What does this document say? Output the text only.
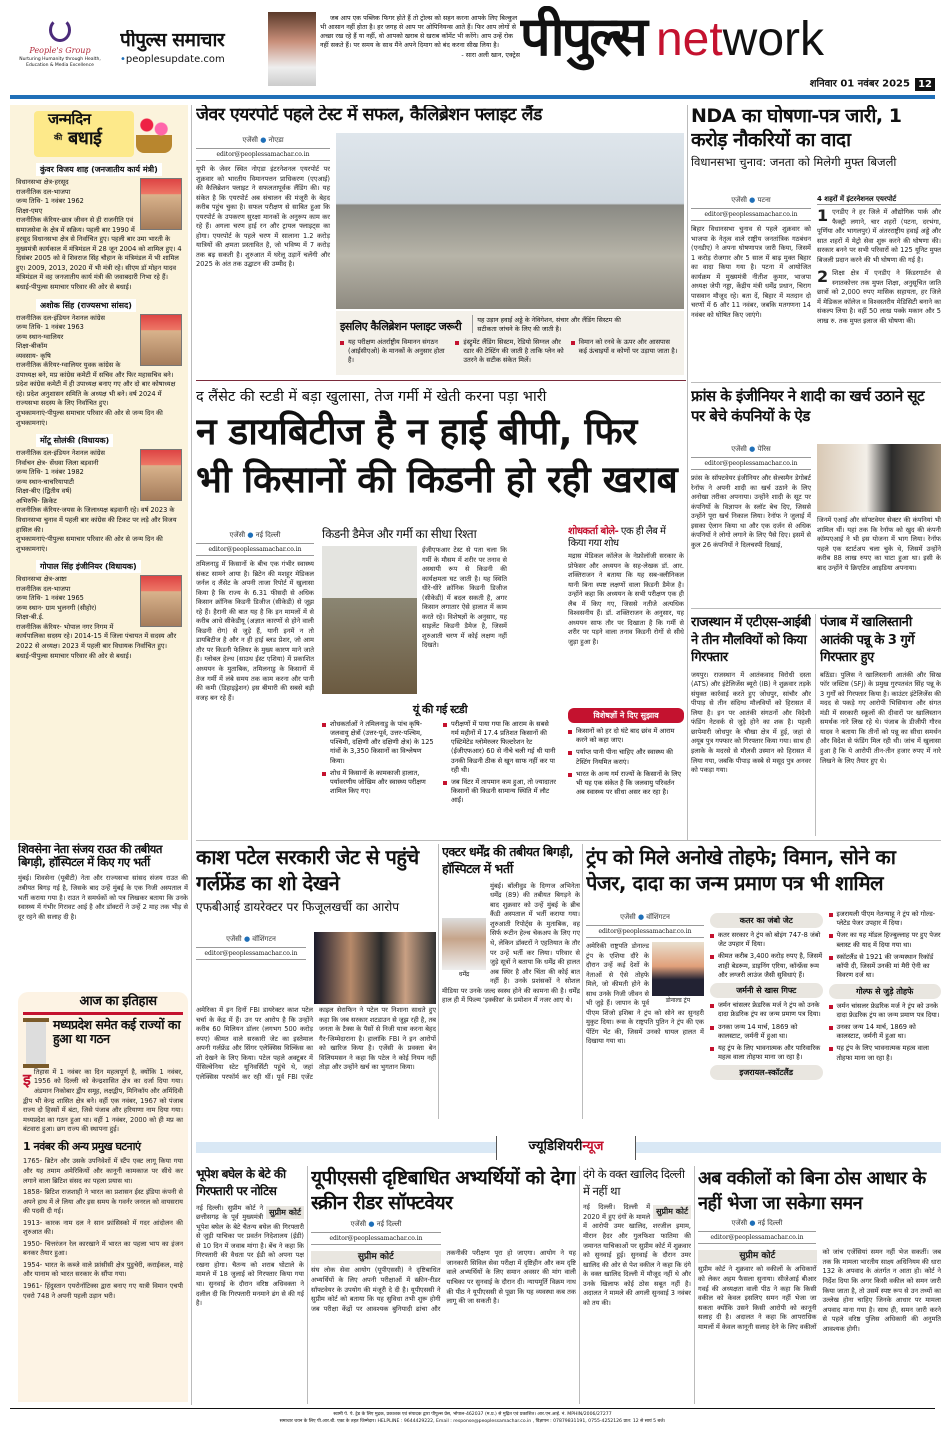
People's Group
Nurturing Humanity through Health, Education & Media Excellence
पीपुल्स समाचार
•peoplesupdate.com
जब आप एक पब्लिक फिगर होते हैं तो ट्रोल्स को सहन करना आपके लिए बिल्कुल भी आसान नहीं होता है। हर जगह से आप पर ओपिनियन्स आते हैं। फिर आप लोगों से अच्छा रख रहे हैं या नहीं, वो आपको खराब से खराब कॉमेंट भी करेंगे। आप उन्हें रोक नहीं सकते हैं। पर समय के साथ मैंने अपने दिमाग को बंद करना सीख लिया है।
- सारा अली खान, एक्ट्रेस पीपुल्स network
शनिवार 01 नवंबर 2025 12
जन्मदिन
की बधाई
कुंवर विजय शाह (जनजातीय कार्य मंत्री)
विधानसभा क्षेत्र-हरसूद
राजनीतिक दल-भाजपा
जन्म तिथि- 1 नवंबर 1962
शिक्षा-एमए
राजनीतिक कॅरियर-छात्र जीवन से ही राजनीति एवं समाजसेवा के क्षेत्र में सक्रिय। पहली बार 1990 में हरसूद विधानसभा क्षेत्र से निर्वाचित हुए। पहली बार उमा भारती के मुख्यमंत्री कार्यकाल में मंत्रिमंडल में 28 जून 2004 को शामिल हुए। 4 दिसंबर 2005 को वे शिवराज सिंह चौहान के मंत्रिमंडल में भी शामिल हुए। 2009, 2013, 2020 में भी मंत्री रहे। सीएम डॉ मोहन यादव मंत्रिमंडल में वह जनजातीय कार्य मंत्री की जवाबदारी निभा रहे हैं।
बधाई-पीपुल्स समाचार परिवार की ओर से बधाई।
अशोक सिंह (राज्यसभा सांसद)
राजनीतिक दल-इंडियन नेशनल कांग्रेस
जन्म तिथि- 1 नवंबर 1963
जन्म स्थान-ग्वालियर
शिक्षा-बीकॉम
व्यवसाय- कृषि
राजनीतिक कॅरियर-ग्वालियर युवक कांग्रेस के उपाध्यक्ष बने, मप्र कांग्रेस कमेटी में सचिव और फिर महासचिव बने। प्रदेश कांग्रेस कमेटी में ही उपाध्यक्ष बनाए गए और दो बार कोषाध्यक्ष रहे। प्रदेश अनुशासन समिति के अध्यक्ष भी बने। वर्ष 2024 में राज्यसभा सदस्य के लिए निर्वाचित हुए।
शुभकामनाएं-पीपुल्स समाचार परिवार की ओर से जन्म दिन की शुभकामनाएं।
मोंटू सोलंकी (विधायक)
राजनीतिक दल-इंडियन नेशनल कांग्रेस
निर्वाचन क्षेत्र- सेंधवा जिला बड़वानी
जन्म तिथि- 1 नवंबर 1982
जन्म स्थान-चाचरियापाटी
शिक्षा-बीए (द्वितीय वर्ष)
अभिरुचि- क्रिकेट
राजनीतिक कॅरियर-जयस के जिलाध्यक्ष बड़वानी रहे। वर्ष 2023 के विधानसभा चुनाव में पहली बार कांग्रेस की टिकट पर लड़े और विजय हासिल की।
शुभकामनाएं-पीपुल्स समाचार परिवार की ओर से जन्म दिन की शुभकामनाएं।
गोपाल सिंह इंजीनियर (विधायक)
विधानसभा क्षेत्र-आष्टा
राजनीतिक दल-भाजपा
जन्म तिथि- 1 नवंबर 1965
जन्म स्थान- ग्राम भुलनगी (सीहोर)
शिक्षा-बी.ई.
राजनीतिक कॅरियर- भोपाल नगर निगम में कार्यपालिका सदस्य रहे। 2014-15 में जिला पंचायत में सदस्य और 2022 से अध्यक्ष। 2023 में पहली बार विधायक निर्वाचित हुए।
बधाई-पीपुल्स समाचार परिवार की ओर से बधाई।
शिवसेना नेता संजय राउत की तबीयत बिगड़ी, हॉस्पिटल में किए गए भर्ती
मुंबई। शिवसेना (यूबीटी) नेता और राज्यसभा सांसद संजय राउत की तबीयत बिगड़ गई है, जिसके बाद उन्हें मुंबई के एक निजी अस्पताल में भर्ती कराया गया है। राउत ने समर्थकों को पत्र लिखकर बताया कि उनके स्वास्थ्य में गंभीर गिरावट आई है और डॉक्टरों ने उन्हें 2 माह तक भीड़ से दूर रहने की सलाह दी है।
आज का इतिहास
मध्यप्रदेश समेत कई राज्यों का हुआ था गठन
इतिहास में 1 नवंबर का दिन महत्वपूर्ण है, क्योंकि 1 नवंबर, 1956 को दिल्ली को केन्द्रशासित क्षेत्र का दर्जा दिया गया। अंडमान निकोबार द्वीप समूह, लक्षद्वीप, मिनिकॉय और अमिंदिवी द्वीप भी केन्द्र शासित क्षेत्र बने। वहीं एक नवंबर, 1967 को पंजाब राज्य दो हिस्सों में बंटा, जिसे पंजाब और हरियाणा नाम दिया गया। मध्यप्रदेश का गठन हुआ था। वहीं 1 नवंबर, 2000 को ही मप्र का बंटवारा हुआ। छग राज्य की स्थापना हुई।
1 नवंबर की अन्य प्रमुख घटनाएं
1765- ब्रिटेन और उसके उपनिवेशों में स्टैंप एक्ट लागू किया गया और यह तमाम अमेरिकियों और कानूनी कामकाज पर सीधे कर लगाने वाला ब्रिटिश संसद का पहला प्रयास था।
1858- ब्रिटिश राजशाही ने भारत का प्रशासन ईस्ट इंडिया कंपनी से अपने हाथ में ले लिया और इस समय के गवर्नर जनरल को वायसराय की पदवी दी गई।
1913- कारक नाम दल ने सान फ्रांसिस्को में गदर आंदोलन की शुरुआत की।
1950- चित्तरंजन रेल कारखाने में भारत का पहला भाप का इंजन बनकर तैयार हुआ।
1954- भारत के कब्जे वाले फ्रांसीसी क्षेत्र पुडुचेरी, कराईकल, माहे और यानाम को भारत सरकार के सौंपा गया।
1961- हिंदुस्तान एयरोनॉटिक्स द्वारा बनाए गए यात्री विमान एचपी एवरो 748 ने अपनी पहली उड़ान भरी।
जेवर एयरपोर्ट पहले टेस्ट में सफल, कैलिब्रेशन फ्लाइट लैंड
एजेंसी ● नोएडा
editor@peoplessamachar.co.in
यूपी के जेवर स्थित नोएडा इंटरनेशनल एयरपोर्ट पर शुक्रवार को भारतीय विमानपत्तन प्राधिकरण (एएआई) की कैलिब्रेशन फ्लाइट ने सफलतापूर्वक लैंडिंग की। यह संकेत है कि एयरपोर्ट अब संचालन की मंजूरी के बेहद करीब पहुंच चुका है। सफल परीक्षण से साबित हुआ कि एयरपोर्ट के उपकरण सुरक्षा मानकों के अनुरूप काम कर रहे हैं। अगला चरण हाई रन और ट्रायल फ्लाइट्स का होगा। एयरपोर्ट के पहले चरण में सालाना 1.2 करोड़ यात्रियों की क्षमता प्रस्तावित है, जो भविष्य में 7 करोड़ तक बढ़ सकती है। शुरुआत में घरेलू उड़ानें चलेंगी और 2025 के अंत तक उद्घाटन की उम्मीद है।
इसलिए कैलिब्रेशन फ्लाइट जरूरी	यह उड़ान हवाई अड्डे के नेविगेशन, संचार और लैंडिंग सिस्टम की सटीकता जांचने के लिए की जाती है।
यह परीक्षण अंतर्राष्ट्रीय विमानन संगठन (आईसीएओ) के मानकों के अनुसार होता है।
इंस्ट्रूमेंट लैंडिंग सिस्टम, रेडियो सिग्नल और रडार की टेस्टिंग की जाती है ताकि प्लेन को उतरने के सटीक संकेत मिलें।
विमान को रनवे के ऊपर और आसपास कई ऊंचाइयों व कोणों पर उड़ाया जाता है।
NDA का घोषणा-पत्र जारी, 1 करोड़ नौकरियों का वादा
विधानसभा चुनाव: जनता को मिलेगी मुफ्त बिजली
एजेंसी ● पटना
editor@peoplessamachar.co.in
बिहार विधानसभा चुनाव से पहले शुक्रवार को भाजपा के नेतृत्व वाले राष्ट्रीय जनतांत्रिक गठबंधन (एनडीए) ने अपना घोषणापत्र जारी किया, जिसमें 1 करोड़ रोजगार और 5 साल में बाढ़ मुक्त बिहार का वादा किया गया है। पटना में आयोजित कार्यक्रम में मुख्यमंत्री नीतीश कुमार, भाजपा अध्यक्ष जेपी नड्डा, केंद्रीय मंत्री धर्मेंद्र प्रधान, चिराग पासवान मौजूद रहे। बता दें, बिहार में मतदान दो चरणों में 6 और 11 नवंबर, जबकि मतगणना 14 नवंबर को घोषित किए जाएंगे।
4 शहरों में इंटरनेशनल एयरपोर्ट
1 एनडीए ने हर जिले में औद्योगिक पार्क और फैक्ट्री लगाने, चार शहरों (पटना, दरभंगा, पूर्णिया और भागलपुर) में अंतरराष्ट्रीय हवाई अड्डे और सात शहरों में मेट्रो सेवा शुरू करने की घोषणा की। सरकार बनने पर सभी परिवारों को 125 यूनिट मुफ्त बिजली प्रदान करने की भी घोषणा की गई है।
2 शिक्षा क्षेत्र में एनडीए ने किंडरगार्टन से स्नातकोत्तर तक मुफ्त शिक्षा, अनुसूचित जाति छात्रों को 2,000 रुपए मासिक सहायता, हर जिले में मेडिकल कॉलेज व विश्वस्तरीय मेडिसिटी बनाने का संकल्प लिया है। वहीं 50 लाख पक्के मकान और 5 लाख रु. तक मुफ्त इलाज की घोषणा की।
द लैंसेट की स्टडी में बड़ा खुलासा, तेज गर्मी में खेती करना पड़ा भारी
न डायबिटीज है न हाई बीपी, फिर भी किसानों की किडनी हो रही खराब
एजेंसी ● नई दिल्ली
editor@peoplessamachar.co.in
तमिलनाडु में किसानों के बीच एक गंभीर स्वास्थ्य संकट सामने आया है। ब्रिटेन की मशहूर मेडिकल जर्नल द लैंसेट के अपनी ताजा रिपोर्ट में खुलासा किया है कि राज्य के 6.31 फीसदी से अधिक किसान क्रॉनिक किडनी डिजीज (सीकेडी) से जूझ रहे हैं। हैरानी की बात यह है कि इन मामलों में से करीब आधे सीकेडीयू (अज्ञात कारणों से होने वाली किडनी रोग) से जुड़े हैं, यानी इनमें न तो डायबिटीज है और न ही हाई ब्लड प्रेशर, जो आम तौर पर किडनी फेलियर के मुख्य कारण माने जाते हैं। ग्लोबल हेल्थ (साउथ ईस्ट एशिया) में प्रकाशित अध्ययन के मुताबिक, तमिलनाडु के किसानों में तेज गर्मी में लंबे समय तक काम करना और पानी की कमी (डिहाइड्रेशन) इस बीमारी की सबसे बड़ी वजह बन रहे हैं।
किडनी डैमेज और गर्मी का सीधा रिश्ता
ईजीएफआर टेस्ट से पता चला कि गर्मी के मौसम में शरीर पर तनाव से अस्थायी रूप से किडनी की कार्यक्षमता घट जाती है। यह स्थिति धीरे-धीरे क्रॉनिक किडनी डिजीज (सीकेडी) में बदल सकती है, अगर किसान लगातार ऐसे हालात में काम करते रहे। विशेषज्ञों के अनुसार, यह साइलेंट किडनी डैमेज है, जिसमें शुरुआती चरण में कोई लक्षण नहीं दिखते।
शोधकर्ता बोले- एक ही लैब में किया गया शोध
मद्रास मेडिकल कॉलेज के नेफ्रोलॉजी सरकार के प्रोफेसर और अध्ययन के सह-लेखक डॉ. आर. शक्तिराजन ने बताया कि यह सब-क्लीनिकल यानी बिना स्पष्ट लक्षणों वाला किडनी डैमेज है। उन्होंने कहा कि अध्ययन के सभी परीक्षण एक ही लैब में किए गए, जिससे नतीजे अत्यधिक विश्वसनीय हैं। डॉ. शक्तिराजन के अनुसार, यह अध्ययन साफ तौर पर दिखाता है कि गर्मी से शरीर पर पड़ने वाला तनाव किडनी रोगों से सीधे जुड़ा हुआ है।
यूं की गई स्टडी
शोधकर्ताओं ने तमिलनाडु के पांच कृषि-जलवायु क्षेत्रों (उत्तर-पूर्व, उत्तर-पश्चिम, पश्चिमी, दक्षिणी और दक्षिणी क्षेत्र) के 125 गांवों के 3,350 किसानों का विश्लेषण किया।
शोध में किसानों के कामकाजी हालात, पर्यावरणीय जोखिम और स्वास्थ्य परीक्षण शामिल किए गए।
परीक्षणों में पाया गया कि आराम के सबसे गर्म महीनों में 17.4 प्रतिशत किसानों की एस्टिमेटेड ग्लोमेरुलर फिल्टरेशन रेट (ईजीएफआर) 60 से नीचे चली गई थी यानी उनकी किडनी ठीक से खून साफ नहीं कर पा रही थी।
जब विंटर में तापमान कम हुआ, तो ज्यादातर किसानों की किडनी सामान्य स्थिति में लौट आईं।
विशेषज्ञों ने दिए सुझाव
किसानों को हर दो घंटे बाद छांव में आराम करने को कहा जाए।
पर्याप्त पानी पीना चाहिए और स्वास्थ्य की टेस्टिंग नियमित कराएं।
भारत के अन्य गर्म राज्यों के किसानों के लिए भी यह एक संकेत है कि जलवायु परिवर्तन अब स्वास्थ्य पर सीधा असर कर रहा है।
फ्रांस के इंजीनियर ने शादी का खर्च उठाने सूट पर बेचे कंपनियों के ऐड
एजेंसी ● पेरिस
editor@peoplessamachar.co.in
फ्रांस के सॉफ्टवेयर इंजीनियर और सेल्समैन डेगोबर्ट रेनॉफ ने अपनी शादी का खर्च उठाने के लिए अनोखा तरीका अपनाया। उन्होंने शादी के सूट पर कंपनियों के विज्ञापन के स्लॉट बेच दिए, जिससे उन्होंने पूरा खर्च निकाल लिया। रेनॉफ ने जुलाई में इसका ऐलान किया था और एक दर्जन से अधिक कंपनियों ने लोगो लगाने के लिए पैसे दिए। इसमें से कुल 26 कंपनियों ने दिलचस्पी दिखाई,
जिनमें एआई और सॉफ्टवेयर सेक्टर की कंपनियां भी शामिल थीं। यहां तक कि रेनॉफ को खुद की कंपनी कॉम्पएआई ने भी इस योजना में भाग लिया। रेनॉफ पहले एक स्टार्टअप चला चुके थे, जिसमें उन्होंने करीब 88 लाख रुपए का घाटा हुआ था। इसी के बाद उन्होंने ये क्रिएटिव आइडिया अपनाया।
राजस्थान में एटीएस-आईबी ने तीन मौलवियों को किया गिरफ्तार
जयपुर। राजस्थान में आतंकवाद विरोधी दस्ता (ATS) और इंटेलिजेंस ब्यूरो (IB) ने शुक्रवार तड़के संयुक्त कार्रवाई करते हुए जोधपुर, सांचौर और पीपाड़ से तीन संदिग्ध मौलवियों को हिरासत में लिया है। इन पर आतंकी संगठनों और विदेशी फंडिंग नेटवर्क से जुड़े होने का शक है। पहली छापेमारी जोधपुर के चौखा क्षेत्र में हुई, जहां से अयूब पुत्र गफ्फार को गिरफ्तार किया गया। साथ ही इलाके के मदरसे से मौलवी उस्मान को हिरासत में लिया गया, जबकि पीपाड़ कस्बे से मसूद पुत्र अनवर को पकड़ा गया।
पंजाब में खालिस्तानी आतंकी पन्नू के 3 गुर्गे गिरफ्तार हुए
बठिंडा। पुलिस ने खालिस्तानी आतंकी और सिख फॉर जस्टिस (SFJ) के प्रमुख गुरपतवंत सिंह पन्नू के 3 गुर्गों को गिरफ्तार किया है। काउंटर इंटेलिजेंस की मदद से पकड़े गए आरोपी भिसियाना और संगत मंडी में सरकारी स्कूलों की दीवारों पर खालिस्तान समर्थक नारे लिख रहे थे। पंजाब के डीजीपी गौरव यादव ने बताया कि तीनों को पन्नू का सीधा समर्थन और विदेश से फंडिंग मिल रही थी। जांच में खुलासा हुआ है कि ये आरोपी तीन-तीन हजार रुपए में नारे लिखने के लिए तैयार हुए थे।
काश पटेल सरकारी जेट से पहुंचे गर्लफ्रेंड का शो देखने
एफबीआई डायरेक्टर पर फिजूलखर्ची का आरोप
एजेंसी ● वॉशिंगटन
editor@peoplessamachar.co.in
अमेरिका में इन दिनों FBI डायरेक्टर काश पटेल चर्चा के केंद्र में हैं। उन पर आरोप है कि उन्होंने करीब 60 मिलियन डॉलर (लगभग 500 करोड़ रुपए) कीमत वाले सरकारी जेट का इस्तेमाल अपनी गर्लफ्रेंड और सिंगर एलेक्सिस विल्किंस का शो देखने के लिए किया। पटेल पहले अक्टूबर में पेंसिल्वेनिया स्टेट यूनिवर्सिटी पहुंचे थे, जहां एलेक्सिस परफॉर्म कर रही थीं। पूर्व FBI एजेंट काइल सेराफिन ने पटेल पर निशाना साधते हुए कहा कि जब सरकार शटडाउन से जूझ रही है, तब जनता के टैक्स के पैसों से निजी यात्रा करना बेहद गैर-जिम्मेदाराना है। हालांकि FBI ने इन आरोपों को खारिज किया है। एजेंसी के प्रवक्ता बेन विलियमसन ने कहा कि पटेल ने कोई नियम नहीं तोड़ा और उन्होंने खर्च का भुगतान किया।
एक्टर धर्मेंद्र की तबीयत बिगड़ी, हॉस्पिटल में भर्ती
धर्मेंद्र
मुंबई। बॉलीवुड के दिग्गज अभिनेता धर्मेंद्र (89) की तबीयत बिगड़ने के बाद शुक्रवार को उन्हें मुंबई के ब्रीच कैंडी अस्पताल में भर्ती कराया गया। शुरुआती रिपोर्ट्स के मुताबिक, वह सिर्फ रूटीन हेल्थ चेकअप के लिए गए थे, लेकिन डॉक्टरों ने एहतियात के तौर पर उन्हें भर्ती कर लिया। परिवार से जुड़े सूत्रों ने बताया कि धर्मेंद्र की हालत अब स्थिर है और चिंता की कोई बात नहीं है। उनके प्रशंसकों ने सोशल मीडिया पर उनके जल्द स्वस्थ होने की कामना की है। धर्मेंद्र हाल ही में फिल्म 'इक्कीस' के प्रमोशन में नजर आए थे।
ट्रंप को मिले अनोखे तोहफे; विमान, सोने का पेजर, दादा का जन्म प्रमाण पत्र भी शामिल
एजेंसी ● वॉशिंगटन
editor@peoplessamachar.co.in
डोनाल्ड ट्रंप
अमेरिकी राष्ट्रपति डोनाल्ड ट्रंप के एशिया दौरे के दौरान उन्हें कई देशों के नेताओं से ऐसे तोहफे मिले, जो कीमती होने के साथ उनके निजी जीवन से भी जुड़े हैं। जापान के पूर्व पीएम शिंजो इशिबा ने ट्रंप को सोने का सुनहरी मुकुट दिया। रूस के राष्ट्रपति पुतिन ने ट्रंप की एक पेंटिंग भेंट की, जिसमें उनको घायल हालत में दिखाया गया था।
कतर का जंबो जेट
कतर सरकार ने ट्रंप को बोइंग 747-8 जंबो जेट उपहार में दिया।
कीमत करीब 3,400 करोड़ रुपए है, जिसमें शाही बेडरूम, डाइनिंग एरिया, कॉन्फ्रेंस रूम और लग्जरी लाउंज जैसी सुविधाएं हैं।
जर्मनी से खास गिफ्ट
जर्मन चांसलर फ्रेडरिक मर्ज ने ट्रंप को उनके दादा फ्रेडरिक ट्रंप का जन्म प्रमाण पत्र दिया।
उनका जन्म 14 मार्च, 1869 को कालस्टाट, जर्मनी में हुआ था।
यह ट्रंप के लिए भावनात्मक और पारिवारिक महत्व वाला तोहफा माना जा रहा है।
इजरायल-स्कॉटलैंड
इजरायली पीएम नेतन्याहू ने ट्रंप को गोल्ड-प्लेटेड पेजर उपहार में दिया।
पेजर का यह मॉडल हिज्बुल्लाह पर हुए पेजर ब्लास्ट की याद में दिया गया था।
स्कॉटलैंड से 1921 की जन्मस्थान रिकॉर्ड कॉपी दी, जिसमें उनकी मां मैरी ऐनी का विवरण दर्ज था।
गोल्फ से जुड़े तोहफे
जर्मन चांसलर फ्रेडरिक मर्ज ने ट्रंप को उनके दादा फ्रेडरिक ट्रंप का जन्म प्रमाण पत्र दिया।
उनका जन्म 14 मार्च, 1869 को कालस्टाट, जर्मनी में हुआ था।
यह ट्रंप के लिए भावनात्मक महत्व वाला तोहफा माना जा रहा है।
ज्यूडिशियरीन्यूज
भूपेश बघेल के बेटे की गिरफ्तारी पर नोटिस
सुप्रीम कोर्ट
नई दिल्ली। सुप्रीम कोर्ट ने छत्तीसगढ़ के पूर्व मुख्यमंत्री भूपेश बघेल के बेटे चैतन्य बघेल की गिरफ्तारी से जुड़ी याचिका पर प्रवर्तन निदेशालय (ईडी) से 10 दिन में जवाब मांगा है। बेंच ने कहा कि गिरफ्तारी की वैधता पर ईडी को अपना पक्ष रखना होगा। चैतन्य को शराब घोटाले के मामले में 18 जुलाई को गिरफ्तार किया गया था। सुनवाई के दौरान वरिष्ठ अधिवक्ता ने दलील दी कि गिरफ्तारी मनमाने ढंग से की गई है।
यूपीएससी दृष्टिबाधित अभ्यर्थियों को देगा स्क्रीन रीडर सॉफ्टवेयर
एजेंसी ● नई दिल्ली
editor@peoplessamachar.co.in
सुप्रीम कोर्ट
संघ लोक सेवा आयोग (यूपीएससी) ने दृष्टिबाधित अभ्यर्थियों के लिए अपनी परीक्षाओं में स्क्रीन-रीडर सॉफ्टवेयर के उपयोग की मंजूरी दे दी है। यूपीएससी ने सुप्रीम कोर्ट को बताया कि यह सुविधा तभी शुरू होगी जब परीक्षा केंद्रों पर आवश्यक बुनियादी ढांचा और तकनीकी परीक्षण पूरा हो जाएगा। आयोग ने यह जानकारी सिविल सेवा परीक्षा में दृष्टिहीन और कम दृष्टि वाले अभ्यर्थियों के लिए समान अवसर की मांग वाली याचिका पर सुनवाई के दौरान दी। न्यायमूर्ति विक्रम नाथ की पीठ ने यूपीएससी से पूछा कि यह व्यवस्था कब तक लागू की जा सकती है।
दंगे के वक्त खालिद दिल्ली में नहीं था
सुप्रीम कोर्ट
नई दिल्ली। दिल्ली में 2020 में हुए दंगों के मामले में आरोपी उमर खालिद, शरजील इमाम, मीरान हैदर और गुलफिशा फातिमा की जमानत याचिकाओं पर सुप्रीम कोर्ट में शुक्रवार को सुनवाई हुई। सुनवाई के दौरान उमर खालिद की ओर से पेश वकील ने कहा कि दंगे के वक्त खालिद दिल्ली में मौजूद नहीं थे और उनके खिलाफ कोई ठोस सबूत नहीं है। अदालत ने मामले की अगली सुनवाई 3 नवंबर को तय की।
अब वकीलों को बिना ठोस आधार के नहीं भेजा जा सकेगा समन
एजेंसी ● नई दिल्ली
editor@peoplessamachar.co.in
सुप्रीम कोर्ट
सुप्रीम कोर्ट ने शुक्रवार को वकीलों के अधिकारों को लेकर अहम फैसला सुनाया। सीजेआई बीआर गवई की अध्यक्षता वाली पीठ ने कहा कि किसी वकील को केवल इसलिए समन नहीं भेजा जा सकता क्योंकि उसने किसी आरोपी को कानूनी सलाह दी है। अदालत ने कहा कि आपराधिक मामलों में केवल कानूनी सलाह देने के लिए वकीलों को जांच एजेंसियां समन नहीं भेज सकतीं। जब तक कि मामला भारतीय साक्ष्य अधिनियम की धारा 132 के अपवाद के अंतर्गत न आता हो। कोर्ट ने निर्देश दिया कि अगर किसी वकील को समन जारी किया जाता है, तो उसमें स्पष्ट रूप से उन तथ्यों का उल्लेख होना चाहिए जिनके आधार पर मामला अपवाद माना गया है। साथ ही, समन जारी करने से पहले वरिष्ठ पुलिस अधिकारी की अनुमति आवश्यक होगी।
स्वामी पे. पे. ट्रेड के लिए मुद्रक, प्रकाशक एवं संपादक द्वारा पीपुल्स प्रेस, भोपाल-462037 (म.प्र.) से मुद्रित एवं प्रकाशित। आर.एन.आई. नं. MPHIN/2006/27277
समाचार चयन के लिए पी.आर.बी. एक्ट के तहत जिम्मेदार। HELPLINE : 9644429222, Email : response@peoplessamachar.co.in , विज्ञापन : 07879831191, 0755-4252126 प्रात: 12 से सायं 5 बजे।
